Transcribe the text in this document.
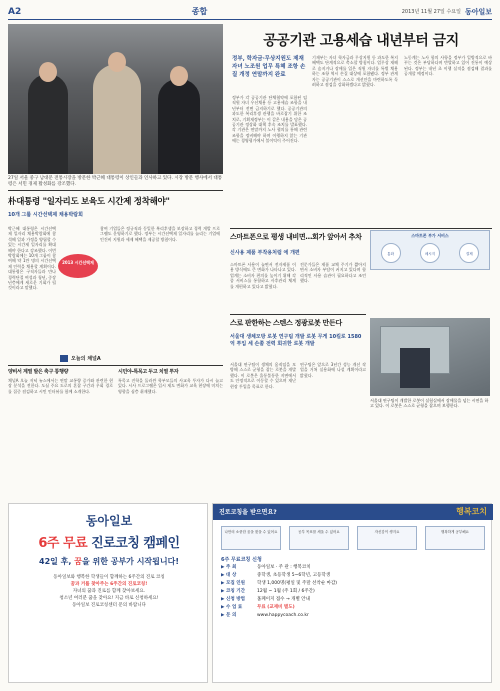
A2	종합	2013년 11월 27일 수요일 동아일보
27일 서울 중구 남대문 전통시장을 방문한 박근혜 대통령이 상인들과 인사하고 있다. 시장 방문 행사에서 대통령은 서민 경제 활성화를 강조했다.
공공기관 고용세습 내년부터 금지
정부, 학자금·무상지원도 제재 자녀 노조원 업무 특혜 조항 손질 개정 연말까지 완료
정부가 각 공공기관 단체협약에 포함된 임직원 자녀 우선채용 등 고용세습 조항을 내년부터 전면 금지하기로 했다. 공공기관의 과도한 복리후생 관행을 바로잡기 위한 조치로, 기획재정부는 이 같은 내용을 담은 공공기관 정상화 대책 후속 조치를 발표했다. 각 기관은 연말까지 노사 협의를 통해 관련 조항을 정비해야 하며 이행하지 않는 기관에는 경영평가에서 불이익이 주어진다.
기재부는 자녀 학자금과 무상지원 등 과도한 복지 혜택도 단계적으로 축소할 방침이다. 업무상 재해로 숨지거나 장애를 입은 직원 자녀를 특별 채용하는 조항 역시 손질 대상에 포함됐다. 정부 관계자는 공공기관이 스스로 개선안을 마련하도록 독려하고 점검을 강화하겠다고 밝혔다.
노동계는 노사 합의 사항을 정부가 일방적으로 바꾸는 것은 부당하다며 반발하고 있어 진통이 예상된다. 정부는 내년 초 이행 실적을 점검해 결과를 공개할 예정이다.
朴대통령 "일자리도 보육도 시간제 정착해야"
10개 그룹 시간선택제 채용박람회
박근혜 대통령은 시간선택제 일자리 채용박람회에 참석해 일과 가정을 양립할 수 있는 시간제 일자리를 확대해야 한다고 강조했다. 이번 박람회에는 10개 그룹이 참여해 약 1만 명의 시간선택제 인력을 채용할 계획이다. 대통령은 구직자들과 만나 경력단절 여성과 청년, 중장년층에게 새로운 기회가 될 것이라고 말했다.
2013 시간선택제
참여 기업들은 정규직과 동일한 복리후생을 보장하고 경력 개발 프로그램도 운영하기로 했다. 정부는 시간선택제 일자리를 늘리는 기업에 인건비 지원과 세제 혜택을 제공할 방침이다.
오늘의 채널A
양비서 계열 발은 축구 통행량
채널A 오늘 저녁 뉴스에서는 연말 교통량 증가와 관련한 현장 분석을 전한다. 도심 주요 도로의 혼잡 구간과 우회 경로를 집중 점검하고 시민 인터뷰를 함께 소개한다.
시민야-특목고 두고 치열 투자
특목고 진학을 둘러싼 학부모들의 사교육 투자가 다시 늘고 있다. 시사 프로그램은 입시 제도 변화가 교육 현장에 미치는 영향을 심층 취재했다.
스마트폰으로 평생 내비면…회가 앞아서 추차
신사용 제품 부작용처럼 에 개편
스마트폰 사용이 늘면서 전자제품 이용 방식에도 큰 변화가 나타나고 있다. 업계는 소비자 편의를 높이기 위해 각종 서비스를 통합하고 사후관리 체계를 개편하고 있다고 밝혔다.
전문가들은 제품 교체 주기가 짧아지면서 소비자 부담이 커지고 있다며 합리적인 사용 습관이 필요하다고 조언했다.
스마트폰 부가 서비스
통화	메시지	결제
스로 판한하는 스텐스 정광로봇 만든다
서울대 생체모방 로봇 연구팀 개발 로봇 무게 10킬로 1580억 투입 세 손쭘 전력 회귀한 로봇 개발
서울대 연구팀이 생체의 움직임을 모방해 스스로 균형을 잡는 로봇을 개발했다. 이 로봇은 울퉁불퉁한 지면에서도 안정적으로 이동할 수 있으며 재난 현장 투입을 목표로 한다.
연구팀은 앞으로 3년간 성능 개선 작업을 거쳐 실용화에 나설 계획이라고 밝혔다.
서울대 연구팀이 개발한 로봇이 실험실에서 장애물을 넘는 시연을 하고 있다. 이 로봇은 스스로 균형을 잡으며 보행한다.
동아일보
6주 무료 진로코칭 캠페인
42일 후, 꿈을 위한 공부가 시작됩니다!
동아일보와 행복한 학생들이 함께하는 6주간의 진로 코칭
꿈과 거를 찾아주는 6주간의 진로코칭!
자녀의 꿈과 진로를 함께 찾아보세요.
청소년 여러분 꿈을 찾아요! 지금 바로 신청하세요!
동아일보 진로코칭센터 문의 바랍니다
진로코칭을 받으면요?	행복코치
나만의 소중한 꿈을 찾을 수 있어요	공부 목표를 세울 수 있어요	자신감이 생겨요	행복하게 공부해요
6주 무료코칭 신청
▶ 주 최	동아일보 · 주 관 : 행복코치
▶ 대 상	중학생, 초등학생 5~6학년, 고등학생
▶ 모집 인원	학생 1,000명(평일 및 주말 선착순 마감)
▶ 코칭 기간	12월 ~ 1월 (주 1회 / 6주간)
▶ 신청 방법	홈페이지 접수 → 개별 안내
▶ 수 업 료	무료 (교재비 별도)
▶ 문 의	www.happycoach.co.kr
